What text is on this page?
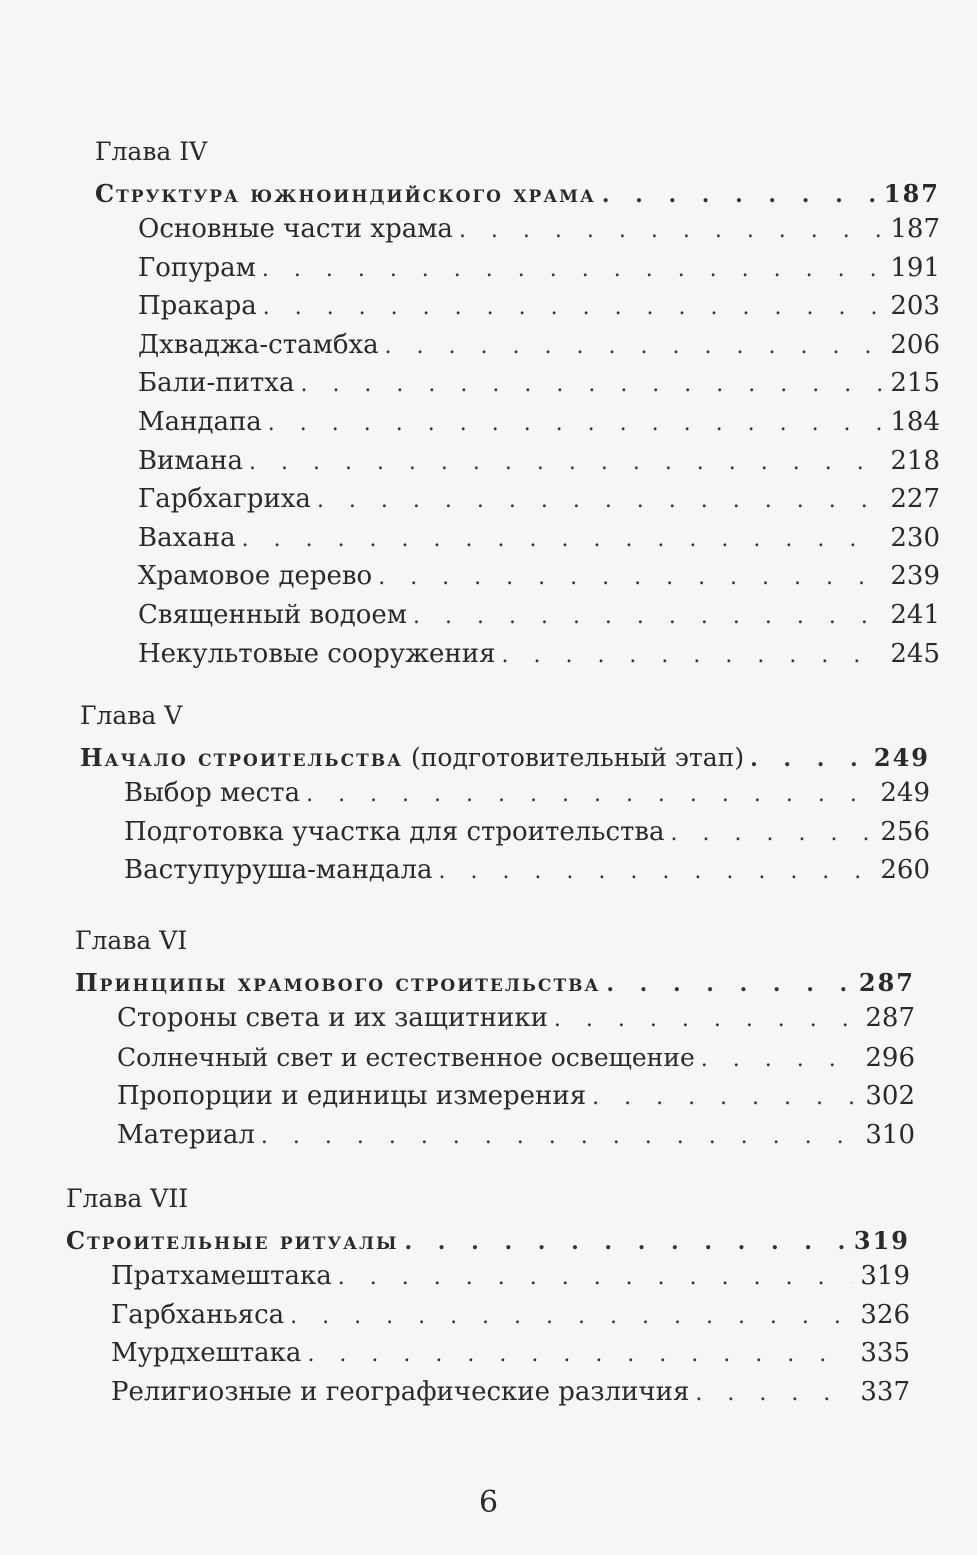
Глава IV
Структура южноиндийского храма . . .	187
Основные части храма . . .	187
Гопурам . . .	191
Пракара . . .	203
Дхваджа-стамбха . . .	206
Бали-питха . . .	215
Мандапа . . .	184
Вимана . . .	218
Гарбхагриха . . .	227
Вахана . . .	230
Храмовое дерево . . .	239
Священный водоем . . .	241
Некультовые сооружения . . .	245
Глава V
Начало строительства (подготовительный этап) . . .	249
Выбор места . . .	249
Подготовка участка для строительства . . .	256
Ваступуруша-мандала . . .	260
Глава VI
Принципы храмового строительства . . .	287
Стороны света и их защитники . . .	287
Солнечный свет и естественное освещение . . .	296
Пропорции и единицы измерения . . .	302
Материал . . .	310
Глава VII
Строительные ритуалы . . .	319
Пратхамештака . . .	319
Гарбханьяса . . .	326
Мурдхештака . . .	335
Религиозные и географические различия . . .	337
6
